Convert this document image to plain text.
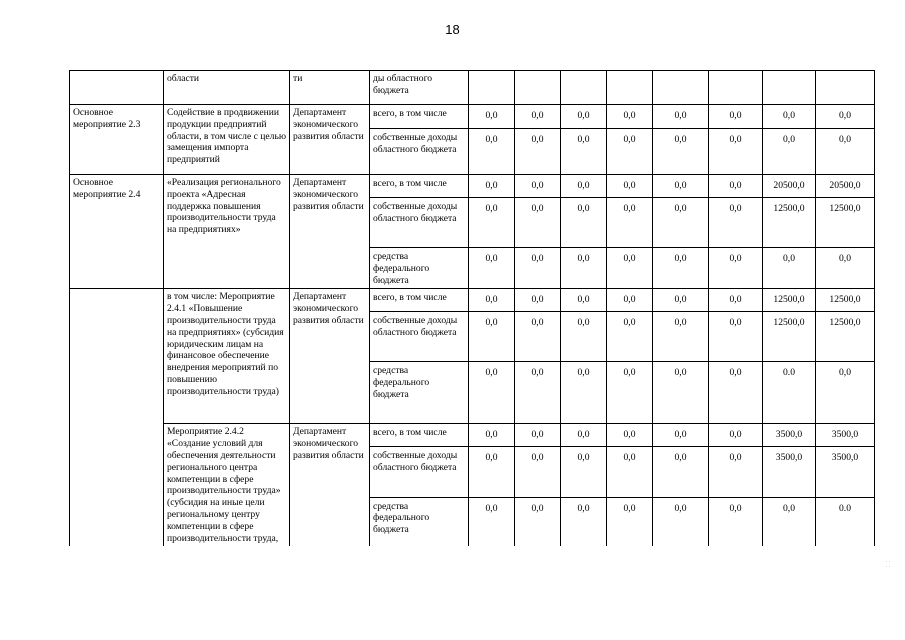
18
	области	ти	ды областного бюджета								
Основное мероприятие 2.3	Содействие в продвижении продукции предприятий области, в том числе с целью замещения импорта предприятий	Департамент экономического развития области	всего, в том числе	0,0	0,0	0,0	0,0	0,0	0,0	0,0	0,0
			собственные доходы областного бюджета	0,0	0,0	0,0	0,0	0,0	0,0	0,0	0,0
Основное мероприятие 2.4	«Реализация регионального проекта «Адресная поддержка повышения производительности труда на предприятиях»	Департамент экономического развития области	всего, в том числе	0,0	0,0	0,0	0,0	0,0	0,0	20500,0	20500,0
			собственные доходы областного бюджета	0,0	0,0	0,0	0,0	0,0	0,0	12500,0	12500,0
			средства федерального бюджета	0,0	0,0	0,0	0,0	0,0	0,0	0,0	0,0
	в том числе: Мероприятие 2.4.1 «Повышение производительности труда на предприятиях» (субсидия юридическим лицам на финансовое обеспечение внедрения мероприятий по повышению производительности труда)	Департамент экономического развития области	всего, в том числе	0,0	0,0	0,0	0,0	0,0	0,0	12500,0	12500,0
			собственные доходы областного бюджета	0,0	0,0	0,0	0,0	0,0	0,0	12500,0	12500,0
			средства федерального бюджета	0,0	0,0	0,0	0,0	0,0	0,0	0.0	0,0
	Мероприятие 2.4.2 «Создание условий для обеспечения деятельности регионального центра компетенции в сфере производительности труда» (субсидия на иные цели региональному центру компетенции в сфере производительности труда,	Департамент экономического развития области	всего, в том числе	0,0	0,0	0,0	0,0	0,0	0,0	3500,0	3500,0
			собственные доходы областного бюджета	0,0	0,0	0,0	0,0	0,0	0,0	3500,0	3500,0
			средства федерального бюджета	0,0	0,0	0,0	0,0	0,0	0,0	0,0	0.0
· · · ·
